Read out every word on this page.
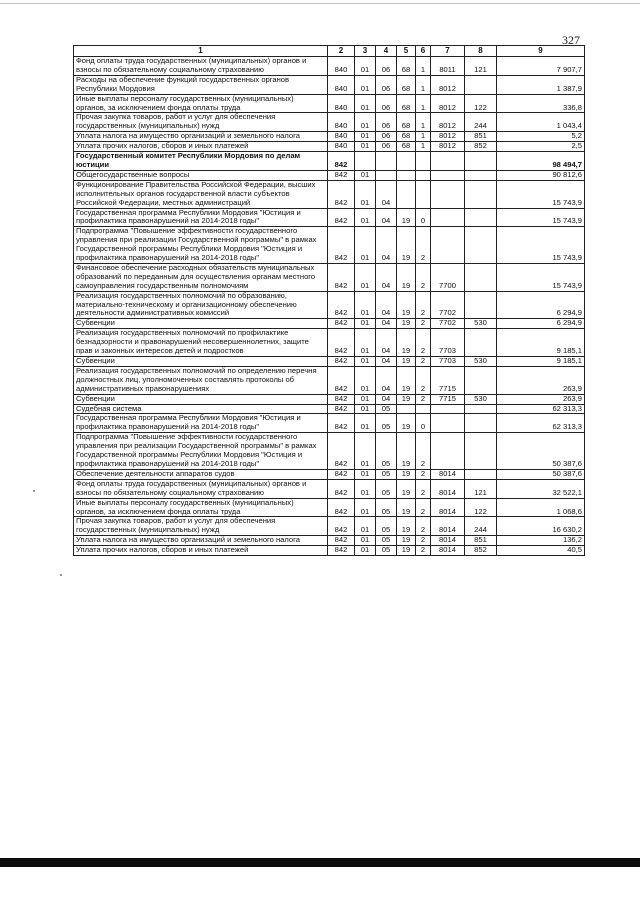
327
1	2	3	4	5	6	7	8	9
Фонд оплаты труда государственных (муниципальных) органов и взносы по обязательному социальному страхованию	840	01	06	68	1	8011	121	7 907,7
Расходы на обеспечение функций государственных органов Республики Мордовия	840	01	06	68	1	8012		1 387,9
Иные выплаты персоналу государственных (муниципальных) органов, за исключением фонда оплаты труда	840	01	06	68	1	8012	122	336,8
Прочая закупка товаров, работ и услуг для обеспечения государственных (муниципальных) нужд	840	01	06	68	1	8012	244	1 043,4
Уплата налога на имущество организаций и земельного налога	840	01	06	68	1	8012	851	5,2
Уплата прочих налогов, сборов и иных платежей	840	01	06	68	1	8012	852	2,5
Государственный комитет Республики Мордовия по делам юстиции	842							98 494,7
Общегосударственные вопросы	842	01						90 812,6
Функционирование Правительства Российской Федерации, высших исполнительных органов государственной власти субъектов Российской Федерации, местных администраций	842	01	04					15 743,9
Государственная программа Республики Мордовия "Юстиция и профилактика правонарушений на 2014-2018 годы"	842	01	04	19	0			15 743,9
Подпрограмма "Повышение эффективности государственного управления при реализации Государственной программы" в рамках Государственной программы Республики Мордовия "Юстиция и профилактика правонарушений на 2014-2018 годы"	842	01	04	19	2			15 743,9
Финансовое обеспечение расходных обязательств муниципальных образований по переданным для осуществления органам местного самоуправления государственным полномочиям	842	01	04	19	2	7700		15 743,9
Реализация государственных полномочий по образованию, материально-техническому и организационному обеспечению деятельности административных комиссий	842	01	04	19	2	7702		6 294,9
Субвенции	842	01	04	19	2	7702	530	6 294,9
Реализация государственных полномочий по профилактике безнадзорности и правонарушений несовершеннолетних, защите прав и законных интересов детей и подростков	842	01	04	19	2	7703		9 185,1
Субвенции	842	01	04	19	2	7703	530	9 185,1
Реализация государственных полномочий по определению перечня должностных лиц, уполномоченных составлять протоколы об административных правонарушениях	842	01	04	19	2	7715		263,9
Субвенции	842	01	04	19	2	7715	530	263,9
Судебная система	842	01	05					62 313,3
Государственная программа Республики Мордовия "Юстиция и профилактика правонарушений на 2014-2018 годы"	842	01	05	19	0			62 313,3
Подпрограмма "Повышение эффективности государственного управления при реализации Государственной программы" в рамках Государственной программы Республики Мордовия "Юстиция и профилактика правонарушений на 2014-2018 годы"	842	01	05	19	2			50 387,6
Обеспечение деятельности аппаратов судов	842	01	05	19	2	8014		50 387,6
Фонд оплаты труда государственных (муниципальных) органов и взносы по обязательному социальному страхованию	842	01	05	19	2	8014	121	32 522,1
Иные выплаты персоналу государственных (муниципальных) органов, за исключением фонда оплаты труда	842	01	05	19	2	8014	122	1 068,6
Прочая закупка товаров, работ и услуг для обеспечения государственных (муниципальных) нужд	842	01	05	19	2	8014	244	16 630,2
Уплата налога на имущество организаций и земельного налога	842	01	05	19	2	8014	851	136,2
Уплата прочих налогов, сборов и иных платежей	842	01	05	19	2	8014	852	40,5
